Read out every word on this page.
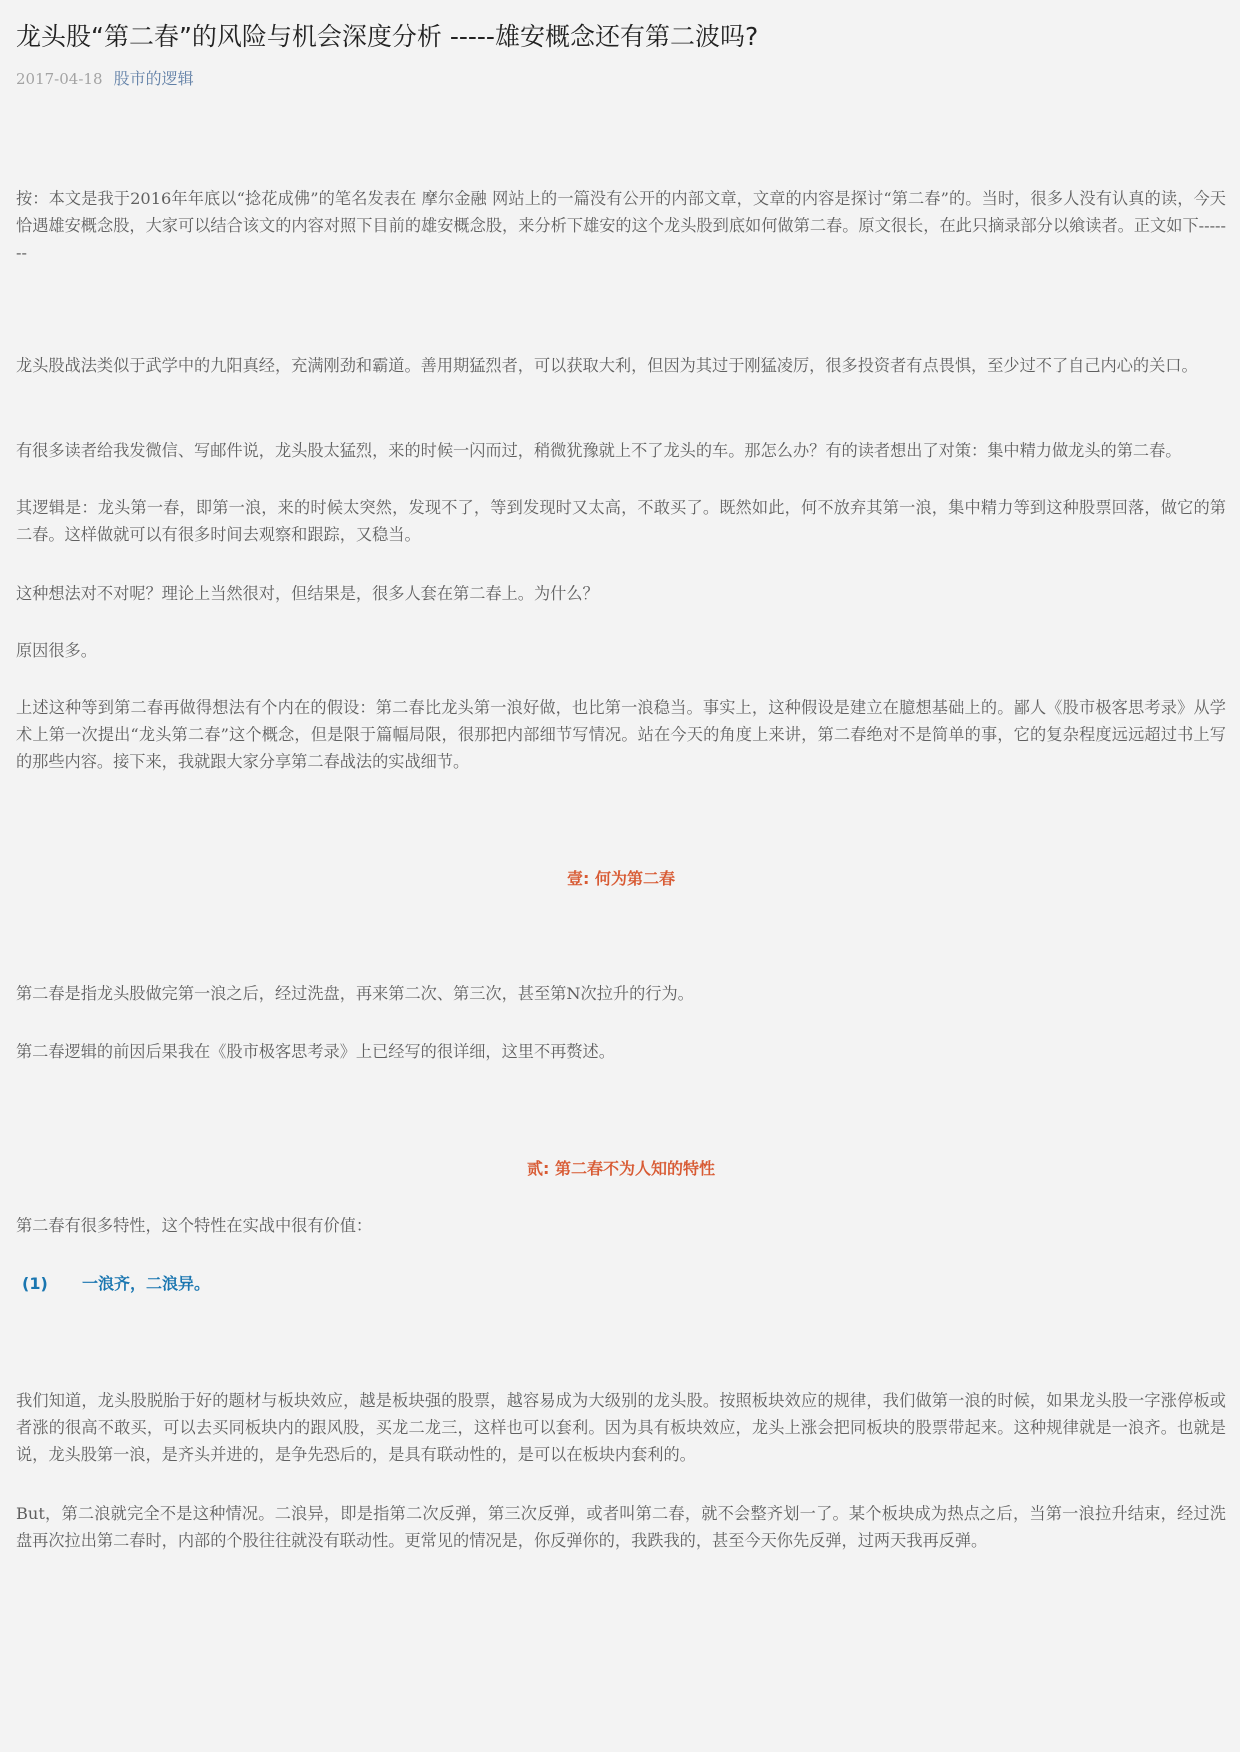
龙头股“第二春”的风险与机会深度分析 -----雄安概念还有第二波吗?
2017-04-18 股市的逻辑

按：本文是我于2016年年底以“捻花成佛”的笔名发表在 摩尔金融 网站上的一篇没有公开的内部文章，文章的内容是探讨“第二春”的。当时，很多人没有认真的读，今天恰遇雄安概念股，大家可以结合该文的内容对照下目前的雄安概念股，来分析下雄安的这个龙头股到底如何做第二春。原文很长，在此只摘录部分以飨读者。正文如下-------

龙头股战法类似于武学中的九阳真经，充满刚劲和霸道。善用期猛烈者，可以获取大利，但因为其过于刚猛凌厉，很多投资者有点畏惧，至少过不了自己内心的关口。

有很多读者给我发微信、写邮件说，龙头股太猛烈，来的时候一闪而过，稍微犹豫就上不了龙头的车。那怎么办？有的读者想出了对策：集中精力做龙头的第二春。

其逻辑是：龙头第一春，即第一浪，来的时候太突然，发现不了，等到发现时又太高，不敢买了。既然如此，何不放弃其第一浪，集中精力等到这种股票回落，做它的第二春。这样做就可以有很多时间去观察和跟踪，又稳当。

这种想法对不对呢？理论上当然很对，但结果是，很多人套在第二春上。为什么？

原因很多。

上述这种等到第二春再做得想法有个内在的假设：第二春比龙头第一浪好做，也比第一浪稳当。事实上，这种假设是建立在臆想基础上的。鄙人《股市极客思考录》从学术上第一次提出“龙头第二春”这个概念，但是限于篇幅局限，很那把内部细节写情况。站在今天的角度上来讲，第二春绝对不是简单的事，它的复杂程度远远超过书上写的那些内容。接下来，我就跟大家分享第二春战法的实战细节。

壹: 何为第二春

第二春是指龙头股做完第一浪之后，经过洗盘，再来第二次、第三次，甚至第N次拉升的行为。

第二春逻辑的前因后果我在《股市极客思考录》上已经写的很详细，这里不再赘述。

贰: 第二春不为人知的特性

第二春有很多特性，这个特性在实战中很有价值：

(1) 一浪齐，二浪异。

我们知道，龙头股脱胎于好的题材与板块效应，越是板块强的股票，越容易成为大级别的龙头股。按照板块效应的规律，我们做第一浪的时候，如果龙头股一字涨停板或者涨的很高不敢买，可以去买同板块内的跟风股，买龙二龙三，这样也可以套利。因为具有板块效应，龙头上涨会把同板块的股票带起来。这种规律就是一浪齐。也就是说，龙头股第一浪，是齐头并进的，是争先恐后的，是具有联动性的，是可以在板块内套利的。

But，第二浪就完全不是这种情况。二浪异，即是指第二次反弹，第三次反弹，或者叫第二春，就不会整齐划一了。某个板块成为热点之后，当第一浪拉升结束，经过洗盘再次拉出第二春时，内部的个股往往就没有联动性。更常见的情况是，你反弹你的，我跌我的，甚至今天你先反弹，过两天我再反弹。
